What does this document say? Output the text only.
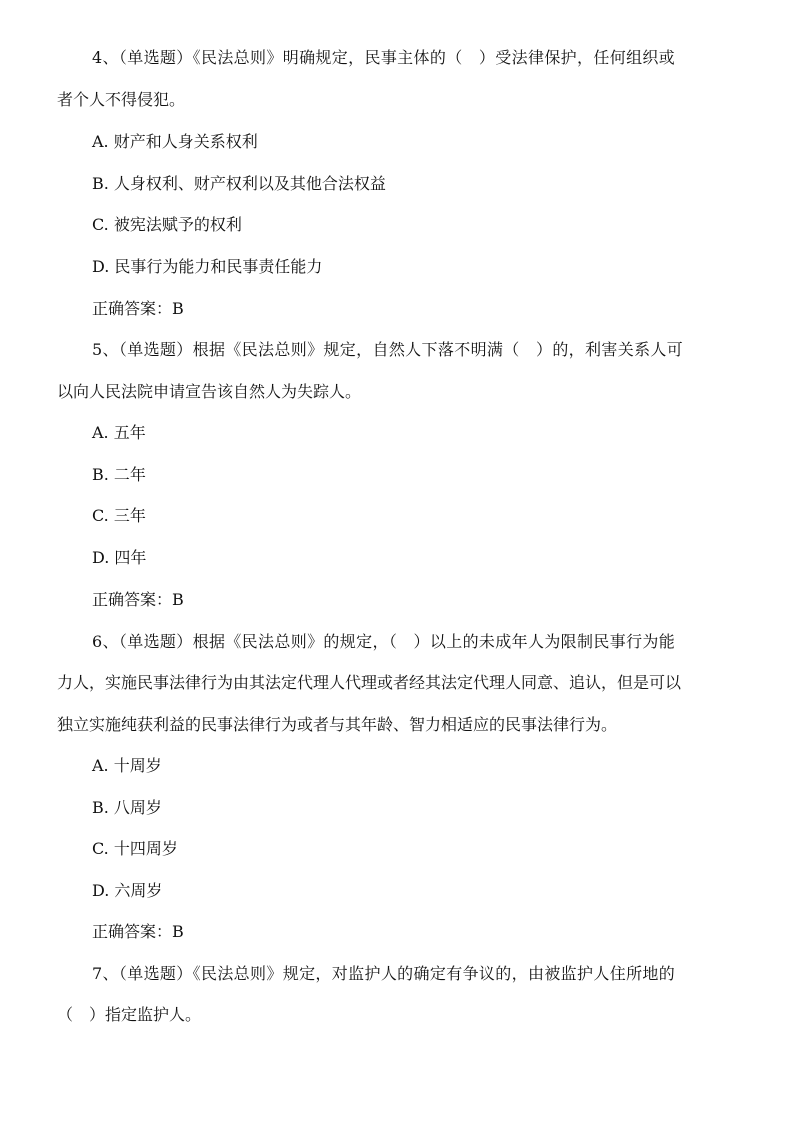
4、（单选题）《民法总则》明确规定，民事主体的（　）受法律保护，任何组织或
者个人不得侵犯。
A. 财产和人身关系权利
B. 人身权利、财产权利以及其他合法权益
C. 被宪法赋予的权利
D. 民事行为能力和民事责任能力
正确答案：B
5、（单选题）根据《民法总则》规定，自然人下落不明满（　）的，利害关系人可
以向人民法院申请宣告该自然人为失踪人。
A. 五年
B. 二年
C. 三年
D. 四年
正确答案：B
6、（单选题）根据《民法总则》的规定，（　）以上的未成年人为限制民事行为能
力人，实施民事法律行为由其法定代理人代理或者经其法定代理人同意、追认，但是可以
独立实施纯获利益的民事法律行为或者与其年龄、智力相适应的民事法律行为。
A. 十周岁
B. 八周岁
C. 十四周岁
D. 六周岁
正确答案：B
7、（单选题）《民法总则》规定，对监护人的确定有争议的，由被监护人住所地的
（　）指定监护人。
